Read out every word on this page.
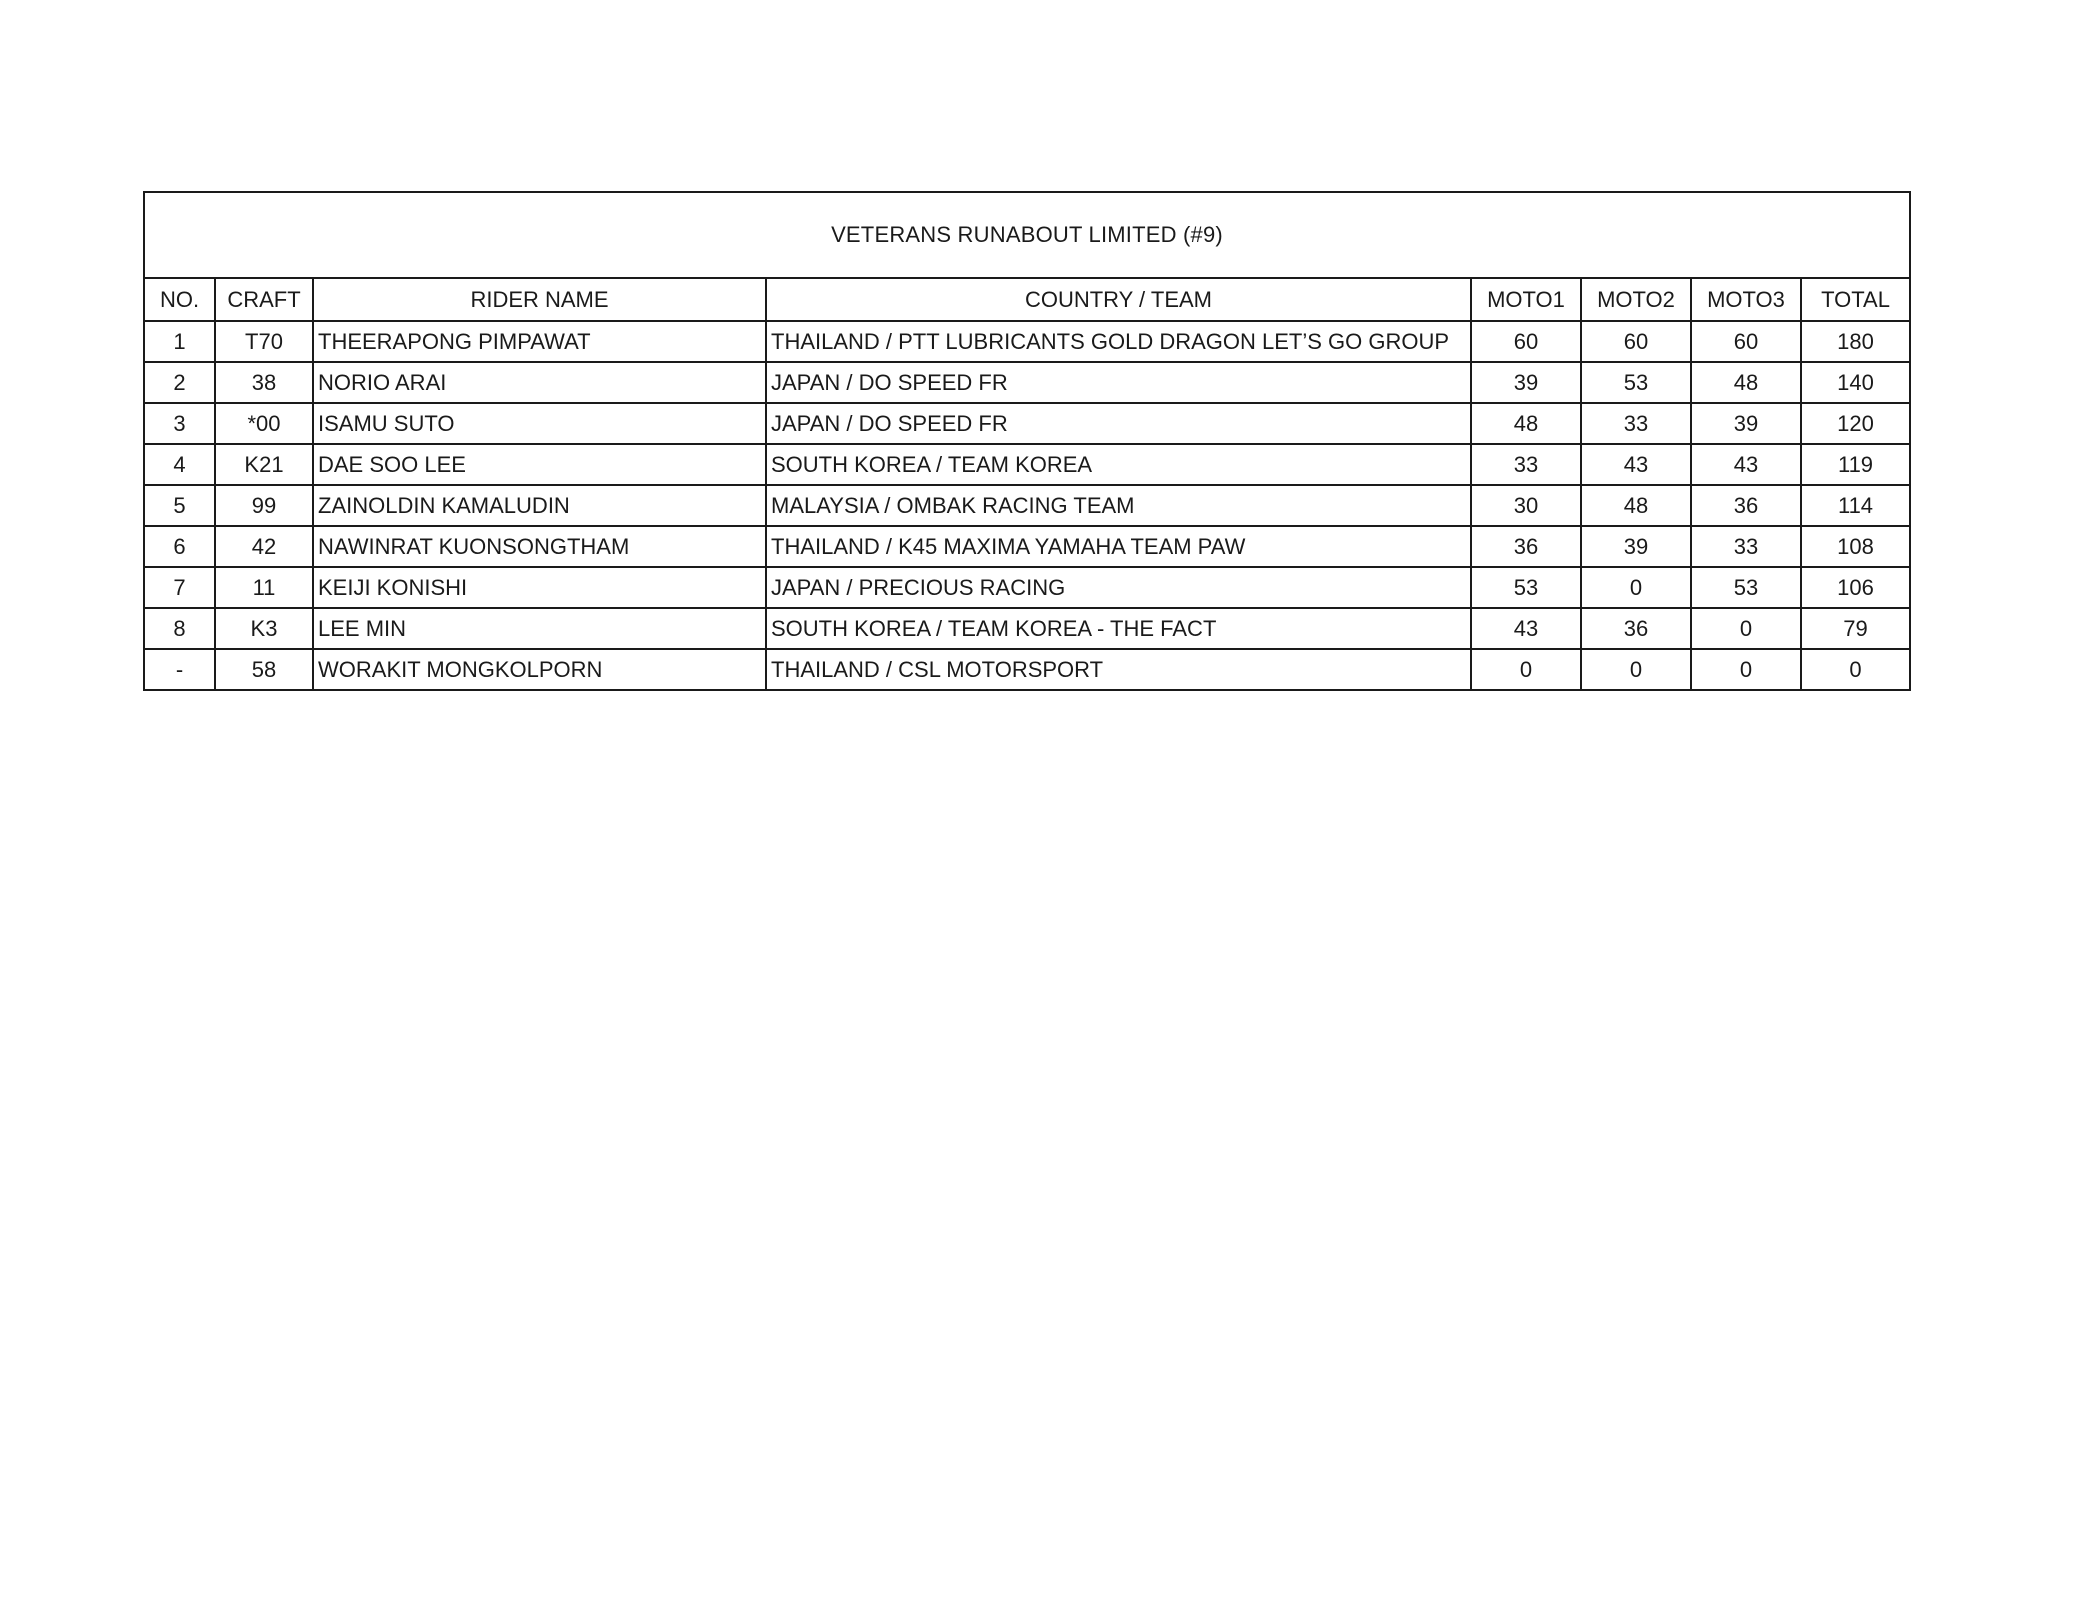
VETERANS RUNABOUT LIMITED (#9)							
NO.	CRAFT	RIDER NAME	COUNTRY / TEAM	MOTO1	MOTO2	MOTO3	TOTAL
1	T70	THEERAPONG PIMPAWAT	THAILAND / PTT LUBRICANTS GOLD DRAGON LET’S GO GROUP	60	60	60	180
2	38	NORIO ARAI	JAPAN / DO SPEED FR	39	53	48	140
3	*00	ISAMU SUTO	JAPAN / DO SPEED FR	48	33	39	120
4	K21	DAE SOO LEE	SOUTH KOREA / TEAM KOREA	33	43	43	119
5	99	ZAINOLDIN KAMALUDIN	MALAYSIA / OMBAK RACING TEAM	30	48	36	114
6	42	NAWINRAT KUONSONGTHAM	THAILAND / K45 MAXIMA YAMAHA TEAM PAW	36	39	33	108
7	11	KEIJI KONISHI	JAPAN / PRECIOUS RACING	53	0	53	106
8	K3	LEE MIN	SOUTH KOREA / TEAM KOREA - THE FACT	43	36	0	79
-	58	WORAKIT MONGKOLPORN	THAILAND / CSL MOTORSPORT	0	0	0	0
